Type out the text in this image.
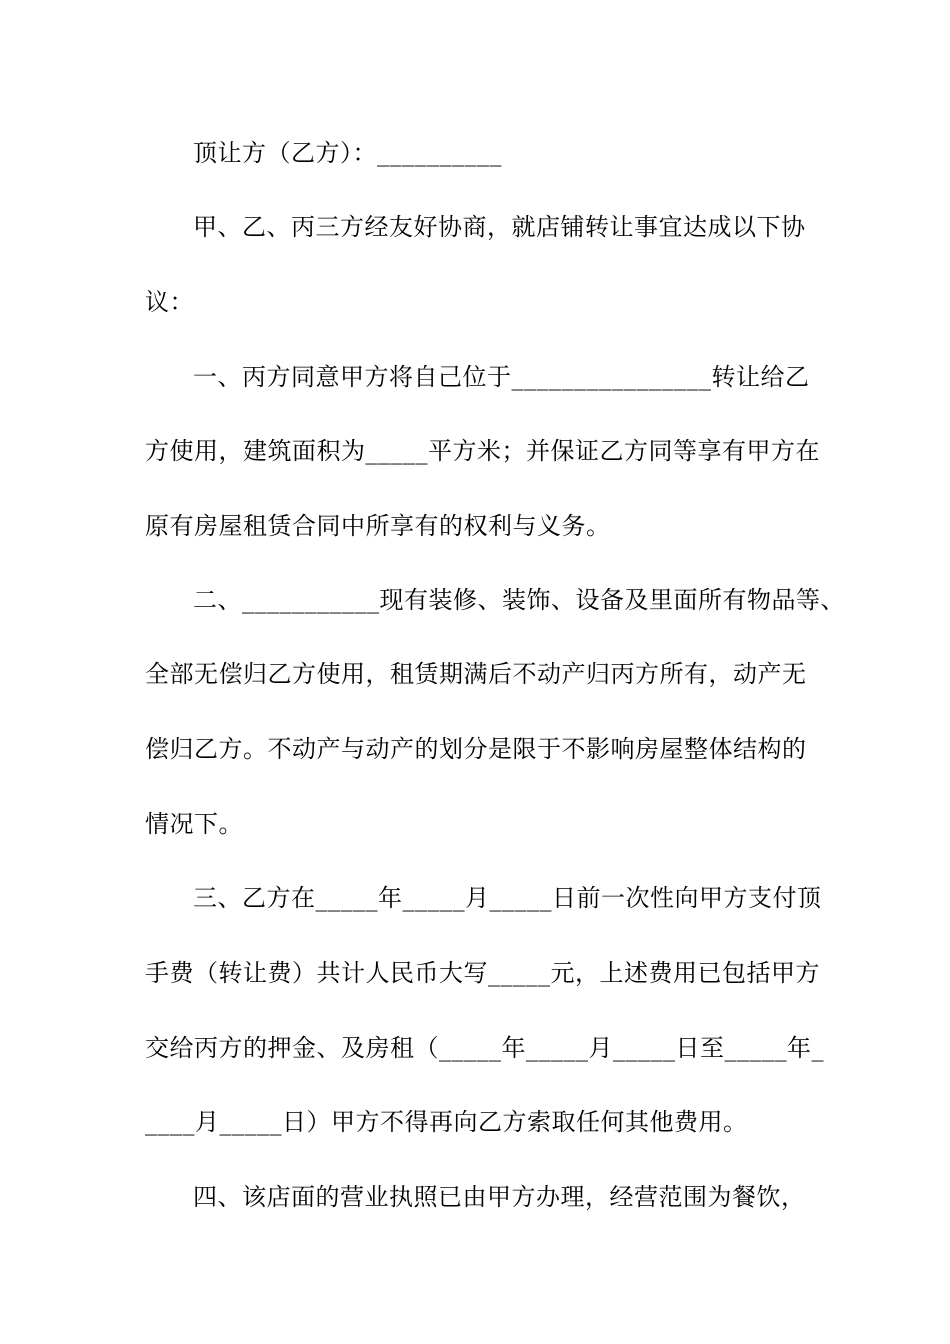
顶让方（乙方）：__________
甲、乙、丙三方经友好协商，就店铺转让事宜达成以下协
议：
一、丙方同意甲方将自己位于________________转让给乙
方使用，建筑面积为_____平方米；并保证乙方同等享有甲方在
原有房屋租赁合同中所享有的权利与义务。
二、___________现有装修、装饰、设备及里面所有物品等、
全部无偿归乙方使用，租赁期满后不动产归丙方所有，动产无
偿归乙方。不动产与动产的划分是限于不影响房屋整体结构的
情况下。
三、乙方在_____年_____月_____日前一次性向甲方支付顶
手费（转让费）共计人民币大写_____元，上述费用已包括甲方
交给丙方的押金、及房租（_____年_____月_____日至_____年_
____月_____日）甲方不得再向乙方索取任何其他费用。
四、该店面的营业执照已由甲方办理，经营范围为餐饮，
